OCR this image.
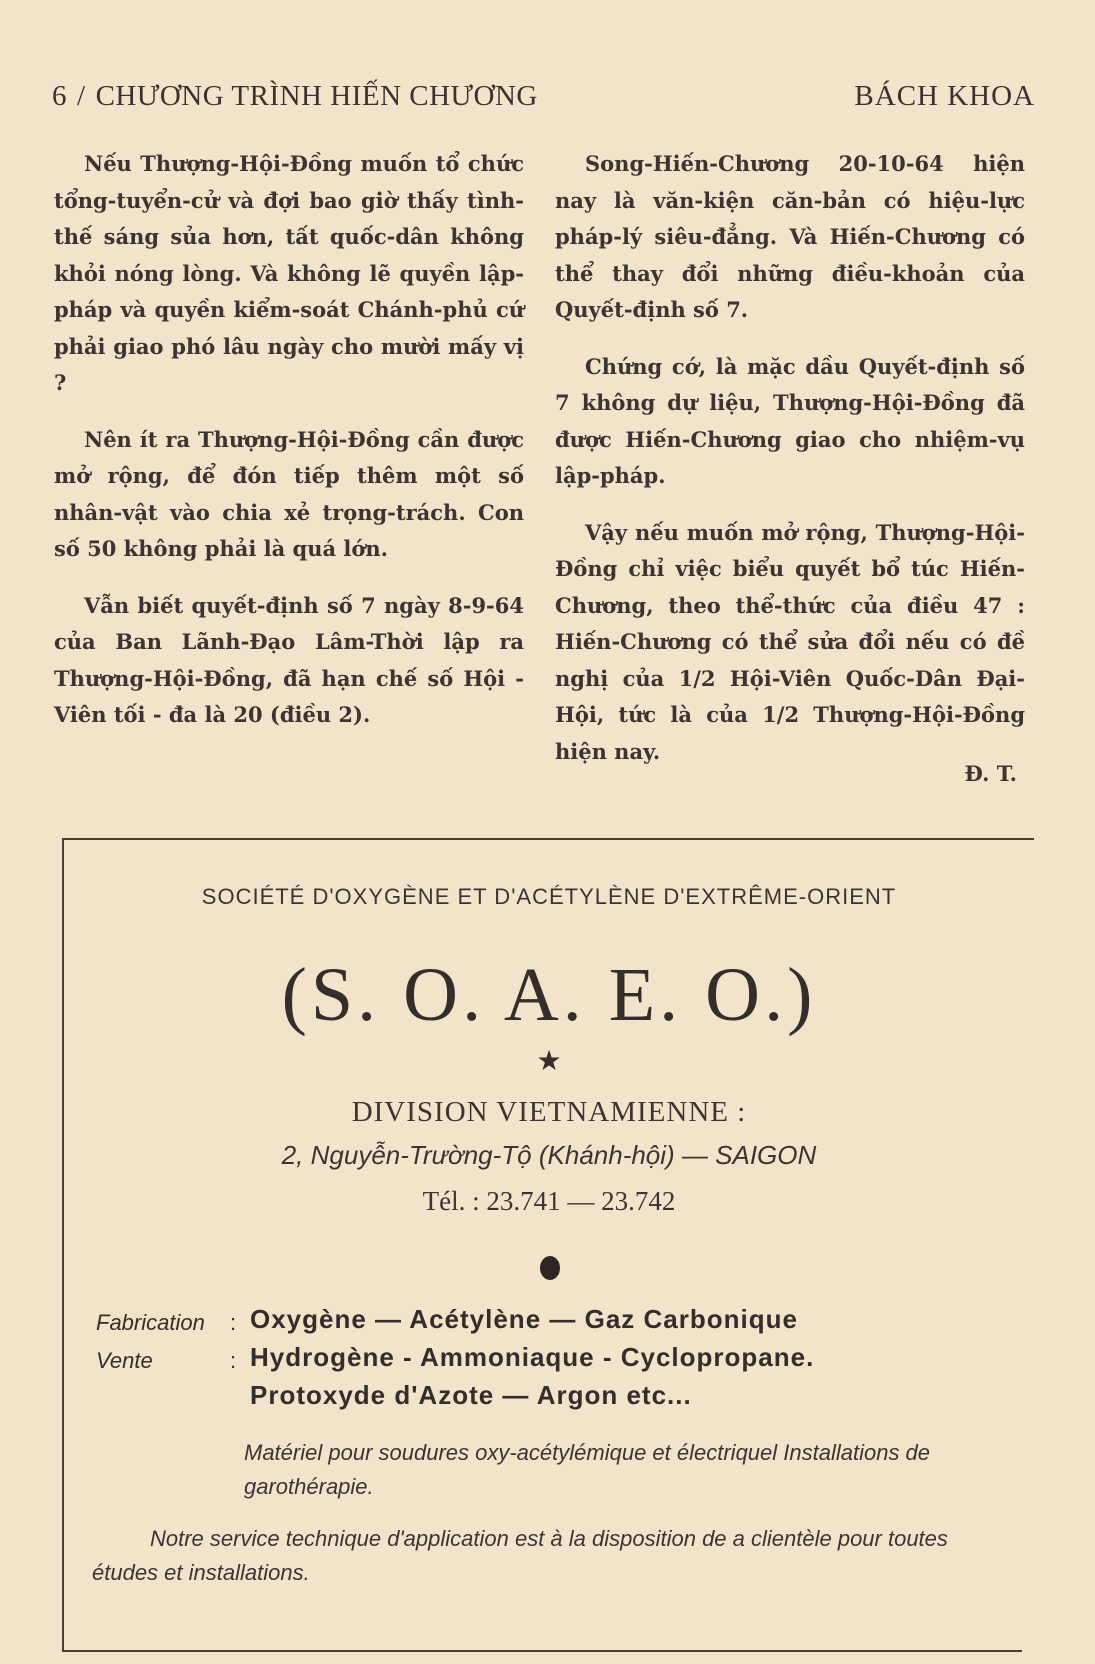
6 / CHƯƠNG TRÌNH HIẾN CHƯƠNG	BÁCH KHOA

Nếu Thượng-Hội-Đồng muốn tổ chức tổng-tuyển-cử và đợi bao giờ thấy tình-thế sáng sủa hơn, tất quốc-dân không khỏi nóng lòng. Và không lẽ quyền lập-pháp và quyền kiểm-soát Chánh-phủ cứ phải giao phó lâu ngày cho mười mấy vị ?

Nên ít ra Thượng-Hội-Đồng cần được mở rộng, để đón tiếp thêm một số nhân-vật vào chia xẻ trọng-trách. Con số 50 không phải là quá lớn.

Vẫn biết quyết-định số 7 ngày 8-9-64 của Ban Lãnh-Đạo Lâm-Thời lập ra Thượng-Hội-Đồng, đã hạn chế số Hội - Viên tối - đa là 20 (điều 2).

Song-Hiến-Chương 20-10-64 hiện nay là văn-kiện căn-bản có hiệu-lực pháp-lý siêu-đẳng. Và Hiến-Chương có thể thay đổi những điều-khoản của Quyết-định số 7.

Chứng cớ, là mặc dầu Quyết-định số 7 không dự liệu, Thượng-Hội-Đồng đã được Hiến-Chương giao cho nhiệm-vụ lập-pháp.

Vậy nếu muốn mở rộng, Thượng-Hội-Đồng chỉ việc biểu quyết bổ túc Hiến-Chương, theo thể-thức của điều 47 : Hiến-Chương có thể sửa đổi nếu có đề nghị của 1/2 Hội-Viên Quốc-Dân Đại-Hội, tức là của 1/2 Thượng-Hội-Đồng hiện nay.

Đ. T.
SOCIÉTÉ D'OXYGÈNE ET D'ACÉTYLÈNE D'EXTRÊME-ORIENT
(S. O. A. E. O.)
★
DIVISION VIETNAMIENNE :
2, Nguyễn-Trường-Tộ (Khánh-hội) — SAIGON
Tél. : 23.741 — 23.742
Fabrication : Oxygène — Acétylène — Gaz Carbonique
Vente	: Hydrogène - Ammoniaque - Cyclopropane.
Protoxyde d'Azote — Argon etc...
Matériel pour soudures oxy-acétylémique et électriquel Installations de garothérapie.
Notre service technique d'application est à la disposition de a clientèle pour toutes études et installations.
